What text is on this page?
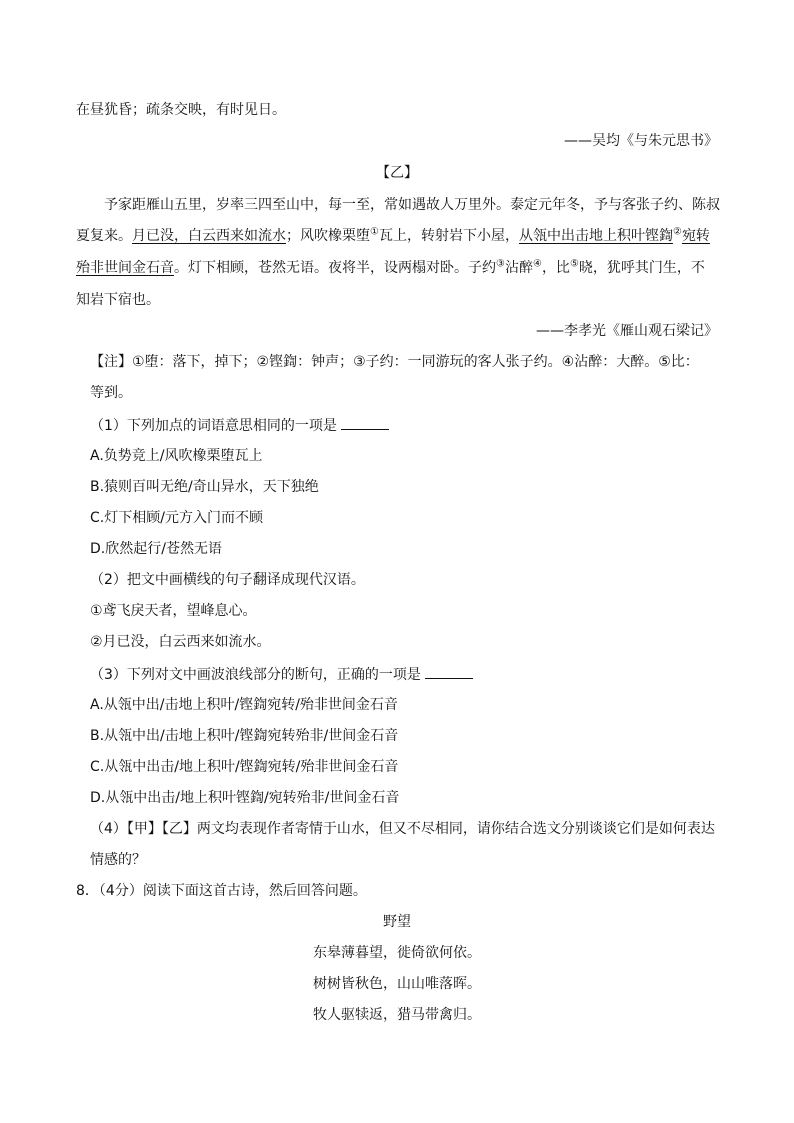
在昼犹昏；疏条交映，有时见日。
——吴均《与朱元思书》
【乙】
予家距雁山五里，岁率三四至山中，每一至，常如遇故人万里外。泰定元年冬，予与客张子约、陈叔
夏复来。月已没，白云西来如流水；风吹橡栗堕①瓦上，转射岩下小屋，从瓴中出击地上积叶铿鍧②宛转
殆非世间金石音。灯下相顾，苍然无语。夜将半，设两榻对卧。子约③沾醉④，比⑤晓，犹呼其门生，不
知岩下宿也。
——李孝光《雁山观石梁记》
【注】①堕：落下，掉下；②铿鍧：钟声；③子约：一同游玩的客人张子约。④沾醉：大醉。⑤比：
等到。
（1）下列加点的词语意思相同的一项是
A.负势竞上/风吹橡栗堕瓦上
B.猿则百叫无绝/奇山异水，天下独绝
C.灯下相顾/元方入门而不顾
D.欣然起行/苍然无语
（2）把文中画横线的句子翻译成现代汉语。
①鸢飞戾天者，望峰息心。
②月已没，白云西来如流水。
（3）下列对文中画波浪线部分的断句，正确的一项是
A.从瓴中出/击地上积叶/铿鍧宛转/殆非世间金石音
B.从瓴中出/击地上积叶/铿鍧宛转殆非/世间金石音
C.从瓴中出击/地上积叶/铿鍧宛转/殆非世间金石音
D.从瓴中出击/地上积叶铿鍧/宛转殆非/世间金石音
（4）【甲】【乙】两文均表现作者寄情于山水，但又不尽相同，请你结合选文分别谈谈它们是如何表达
情感的？
8．（4分）阅读下面这首古诗，然后回答问题。
野望
东皋薄暮望，徙倚欲何依。
树树皆秋色，山山唯落晖。
牧人驱犊返，猎马带禽归。
